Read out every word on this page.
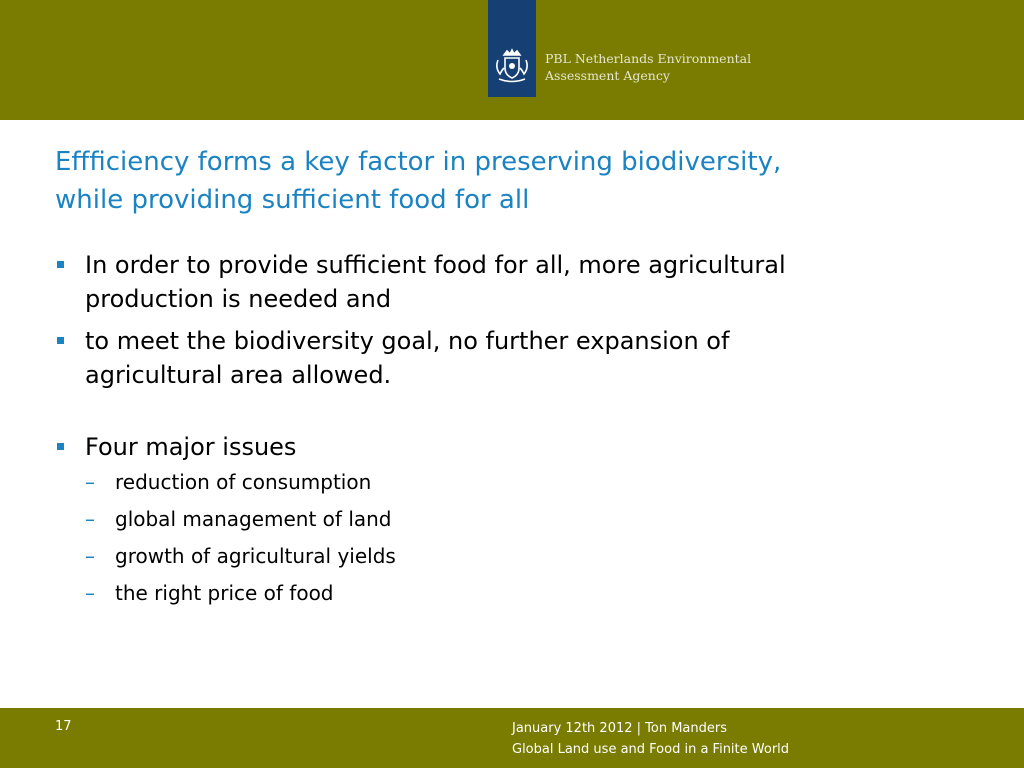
PBL Netherlands Environmental
Assessment Agency
Effficiency forms a key factor in preserving biodiversity,
while providing sufficient food for all
In order to provide sufficient food for all, more agricultural
production is needed and
to meet the biodiversity goal, no further expansion of
agricultural area allowed.
Four major issues
– reduction of consumption
– global management of land
– growth of agricultural yields
– the right price of food
17	January 12th 2012 | Ton Manders
Global Land use and Food in a Finite World
